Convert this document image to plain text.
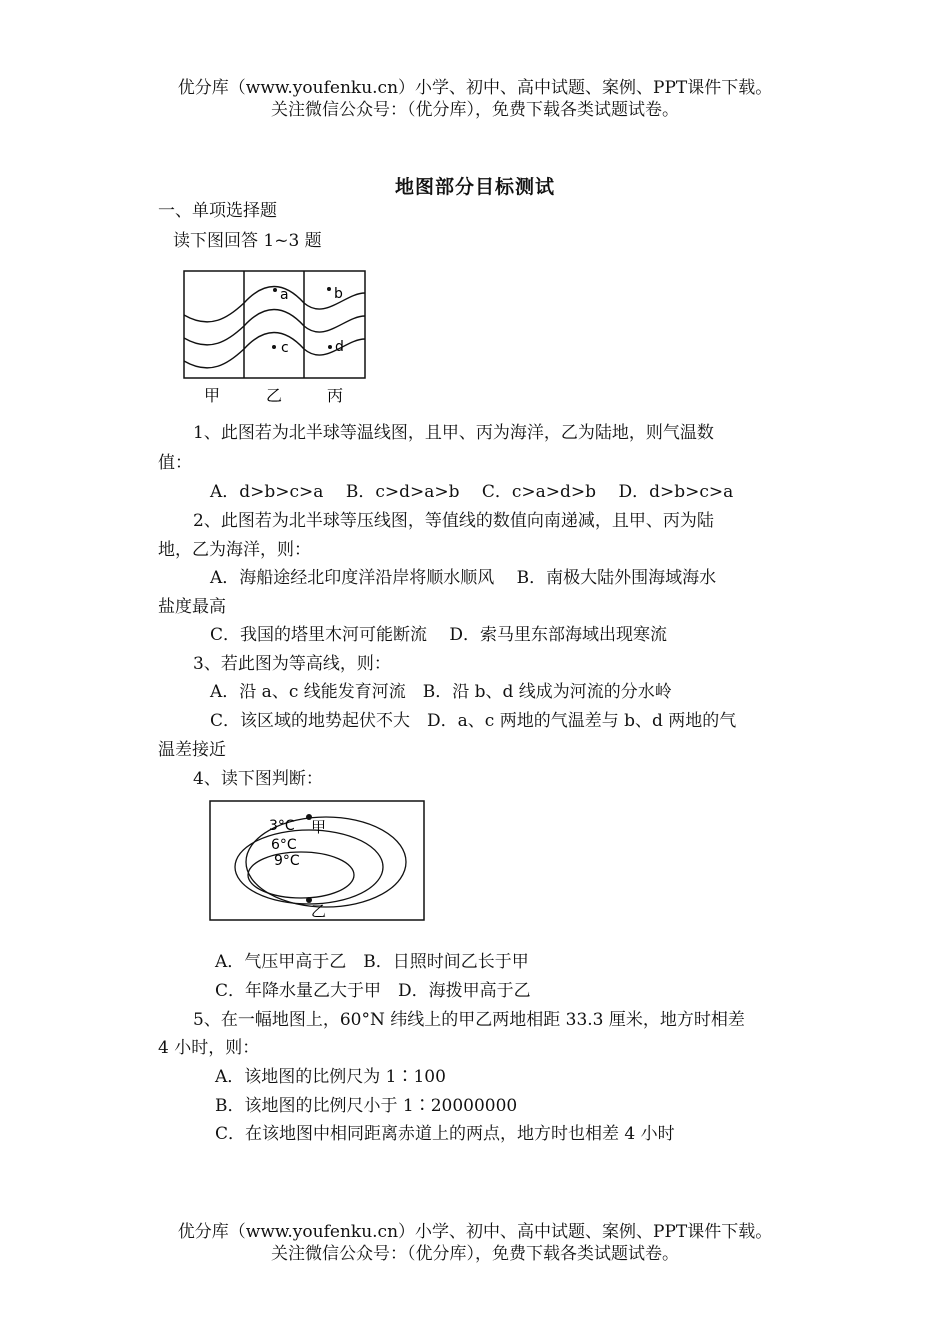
优分库（www.youfenku.cn）小学、初中、高中试题、案例、PPT课件下载。
关注微信公众号：（优分库），免费下载各类试题试卷。
地图部分目标测试
一、单项选择题
读下图回答 1~3 题
a	b
c	d
甲	乙	丙
1、此图若为北半球等温线图，且甲、丙为海洋，乙为陆地，则气温数
值：
A．d>b>c>a　 B．c>d>a>b　 C．c>a>d>b　 D．d>b>c>a
2、此图若为北半球等压线图，等值线的数值向南递减，且甲、丙为陆
地，乙为海洋，则：
A．海船途经北印度洋沿岸将顺水顺风　 B．南极大陆外围海域海水
盐度最高
C．我国的塔里木河可能断流　 D．索马里东部海域出现寒流
3、若此图为等高线，则：
A．沿 a、c 线能发育河流　B．沿 b、d 线成为河流的分水岭
C．该区域的地势起伏不大　D．a、c 两地的气温差与 b、d 两地的气
温差接近
4、读下图判断：
3°C
6°C
9°C
甲
乙
A．气压甲高于乙　B．日照时间乙长于甲
C．年降水量乙大于甲　D．海拨甲高于乙
5、在一幅地图上，60°N 纬线上的甲乙两地相距 33.3 厘米，地方时相差
4 小时，则：
A．该地图的比例尺为 1∶100
B．该地图的比例尺小于 1∶20000000
C．在该地图中相同距离赤道上的两点，地方时也相差 4 小时
优分库（www.youfenku.cn）小学、初中、高中试题、案例、PPT课件下载。
关注微信公众号：（优分库），免费下载各类试题试卷。
